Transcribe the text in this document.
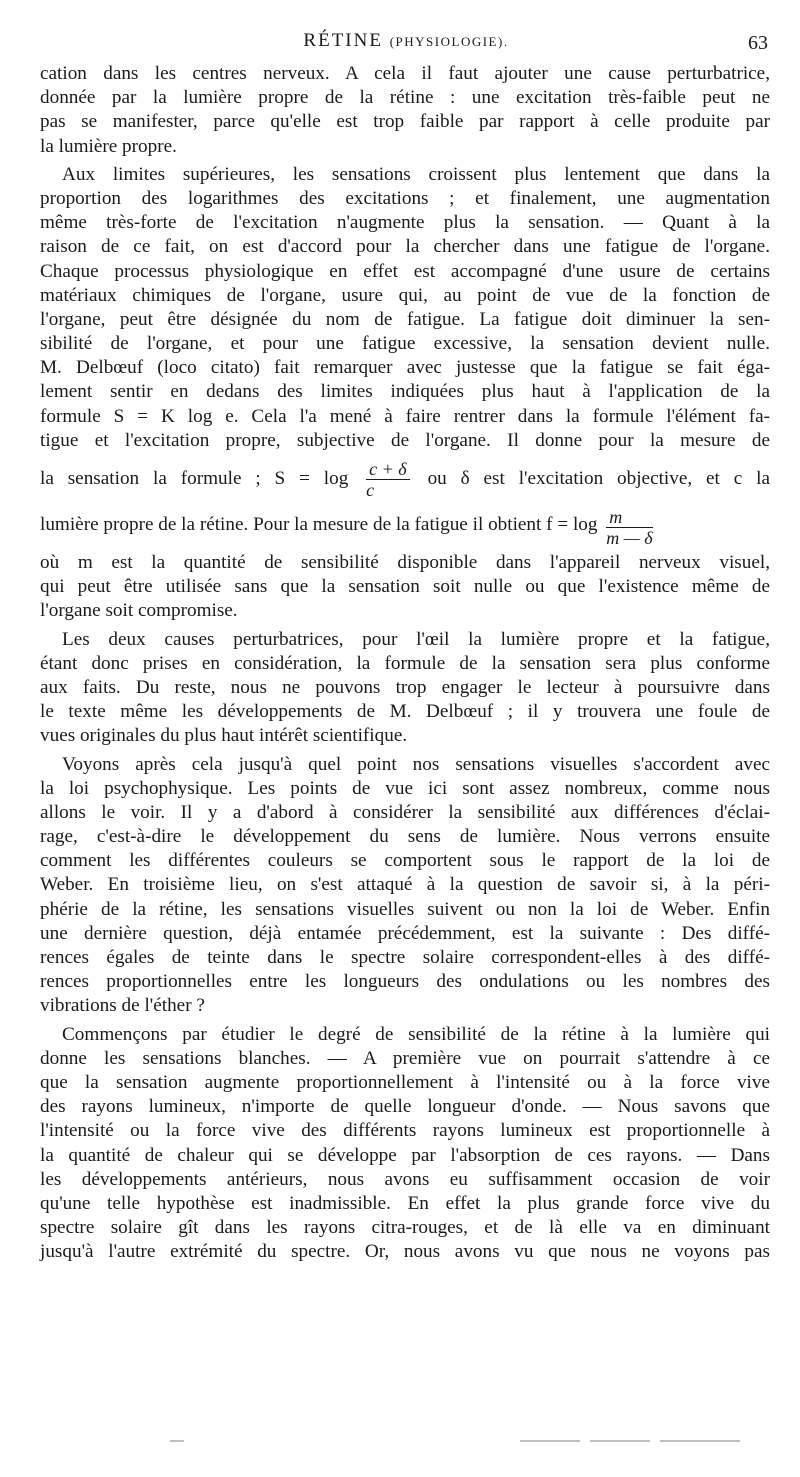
RÉTINE (PHYSIOLOGIE).	63
cation dans les centres nerveux. A cela il faut ajouter une cause perturbatrice,
donnée par la lumière propre de la rétine : une excitation très-faible peut ne
pas se manifester, parce qu'elle est trop faible par rapport à celle produite par
la lumière propre.
Aux limites supérieures, les sensations croissent plus lentement que dans la
proportion des logarithmes des excitations ; et finalement, une augmentation
même très-forte de l'excitation n'augmente plus la sensation. — Quant à la
raison de ce fait, on est d'accord pour la chercher dans une fatigue de l'organe.
Chaque processus physiologique en effet est accompagné d'une usure de certains
matériaux chimiques de l'organe, usure qui, au point de vue de la fonction de
l'organe, peut être désignée du nom de fatigue. La fatigue doit diminuer la sen-
sibilité de l'organe, et pour une fatigue excessive, la sensation devient nulle.
M. Delbœuf (loco citato) fait remarquer avec justesse que la fatigue se fait éga-
lement sentir en dedans des limites indiquées plus haut à l'application de la
formule S = K log e. Cela l'a mené à faire rentrer dans la formule l'élément fa-
tigue et l'excitation propre, subjective de l'organe. Il donne pour la mesure de
la sensation la formule ; $S = \log \frac{c + \delta}{c}$ ou δ est l'excitation objective, et c la
lumière propre de la rétine. Pour la mesure de la fatigue il obtient $f = \log \frac{m}{m — \delta}$
où m est la quantité de sensibilité disponible dans l'appareil nerveux visuel,
qui peut être utilisée sans que la sensation soit nulle ou que l'existence même de
l'organe soit compromise.
Les deux causes perturbatrices, pour l'œil la lumière propre et la fatigue,
étant donc prises en considération, la formule de la sensation sera plus conforme
aux faits. Du reste, nous ne pouvons trop engager le lecteur à poursuivre dans
le texte même les développements de M. Delbœuf ; il y trouvera une foule de
vues originales du plus haut intérêt scientifique.
Voyons après cela jusqu'à quel point nos sensations visuelles s'accordent avec
la loi psychophysique. Les points de vue ici sont assez nombreux, comme nous
allons le voir. Il y a d'abord à considérer la sensibilité aux différences d'éclai-
rage, c'est-à-dire le développement du sens de lumière. Nous verrons ensuite
comment les différentes couleurs se comportent sous le rapport de la loi de
Weber. En troisième lieu, on s'est attaqué à la question de savoir si, à la péri-
phérie de la rétine, les sensations visuelles suivent ou non la loi de Weber. Enfin
une dernière question, déjà entamée précédemment, est la suivante : Des diffé-
rences égales de teinte dans le spectre solaire correspondent-elles à des diffé-
rences proportionnelles entre les longueurs des ondulations ou les nombres des
vibrations de l'éther ?
Commençons par étudier le degré de sensibilité de la rétine à la lumière qui
donne les sensations blanches. — A première vue on pourrait s'attendre à ce
que la sensation augmente proportionnellement à l'intensité ou à la force vive
des rayons lumineux, n'importe de quelle longueur d'onde. — Nous savons que
l'intensité ou la force vive des différents rayons lumineux est proportionnelle à
la quantité de chaleur qui se développe par l'absorption de ces rayons. — Dans
les développements antérieurs, nous avons eu suffisamment occasion de voir
qu'une telle hypothèse est inadmissible. En effet la plus grande force vive du
spectre solaire gît dans les rayons citra-rouges, et de là elle va en diminuant
jusqu'à l'autre extrémité du spectre. Or, nous avons vu que nous ne voyons pas
